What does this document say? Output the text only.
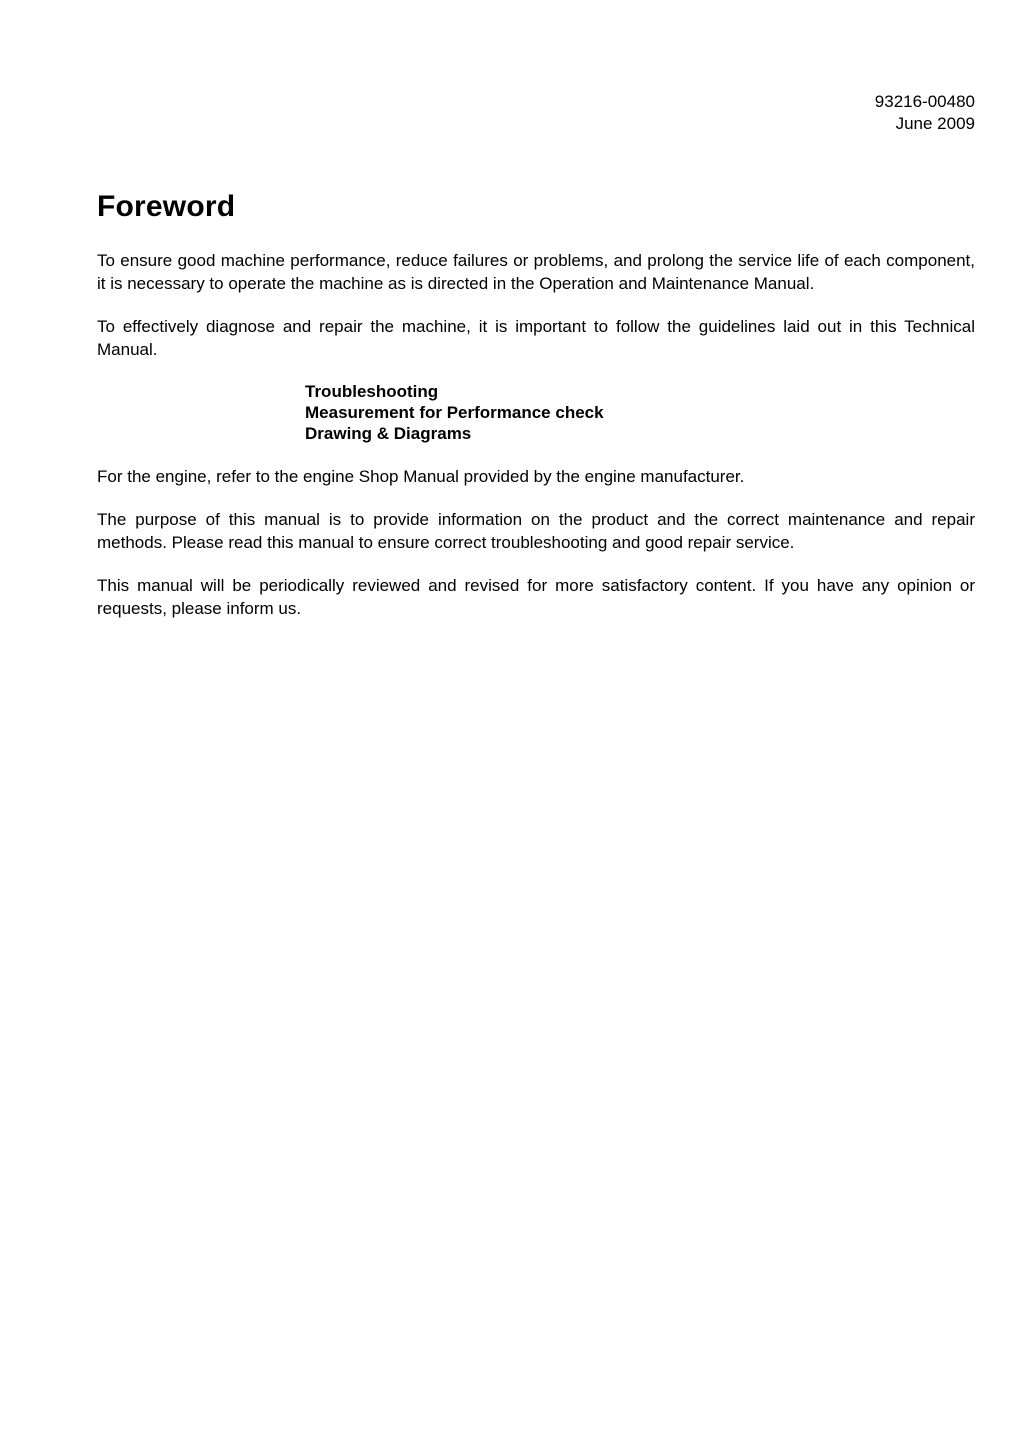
93216-00480
June 2009
Foreword

To ensure good machine performance, reduce failures or problems, and prolong the service life of each component, it is necessary to operate the machine as is directed in the Operation and Maintenance Manual.

To effectively diagnose and repair the machine, it is important to follow the guidelines laid out in this Technical Manual.

Troubleshooting
Measurement for Performance check
Drawing & Diagrams

For the engine, refer to the engine Shop Manual provided by the engine manufacturer.

The purpose of this manual is to provide information on the product and the correct maintenance and repair methods. Please read this manual to ensure correct troubleshooting and good repair service.

This manual will be periodically reviewed and revised for more satisfactory content. If you have any opinion or requests, please inform us.
